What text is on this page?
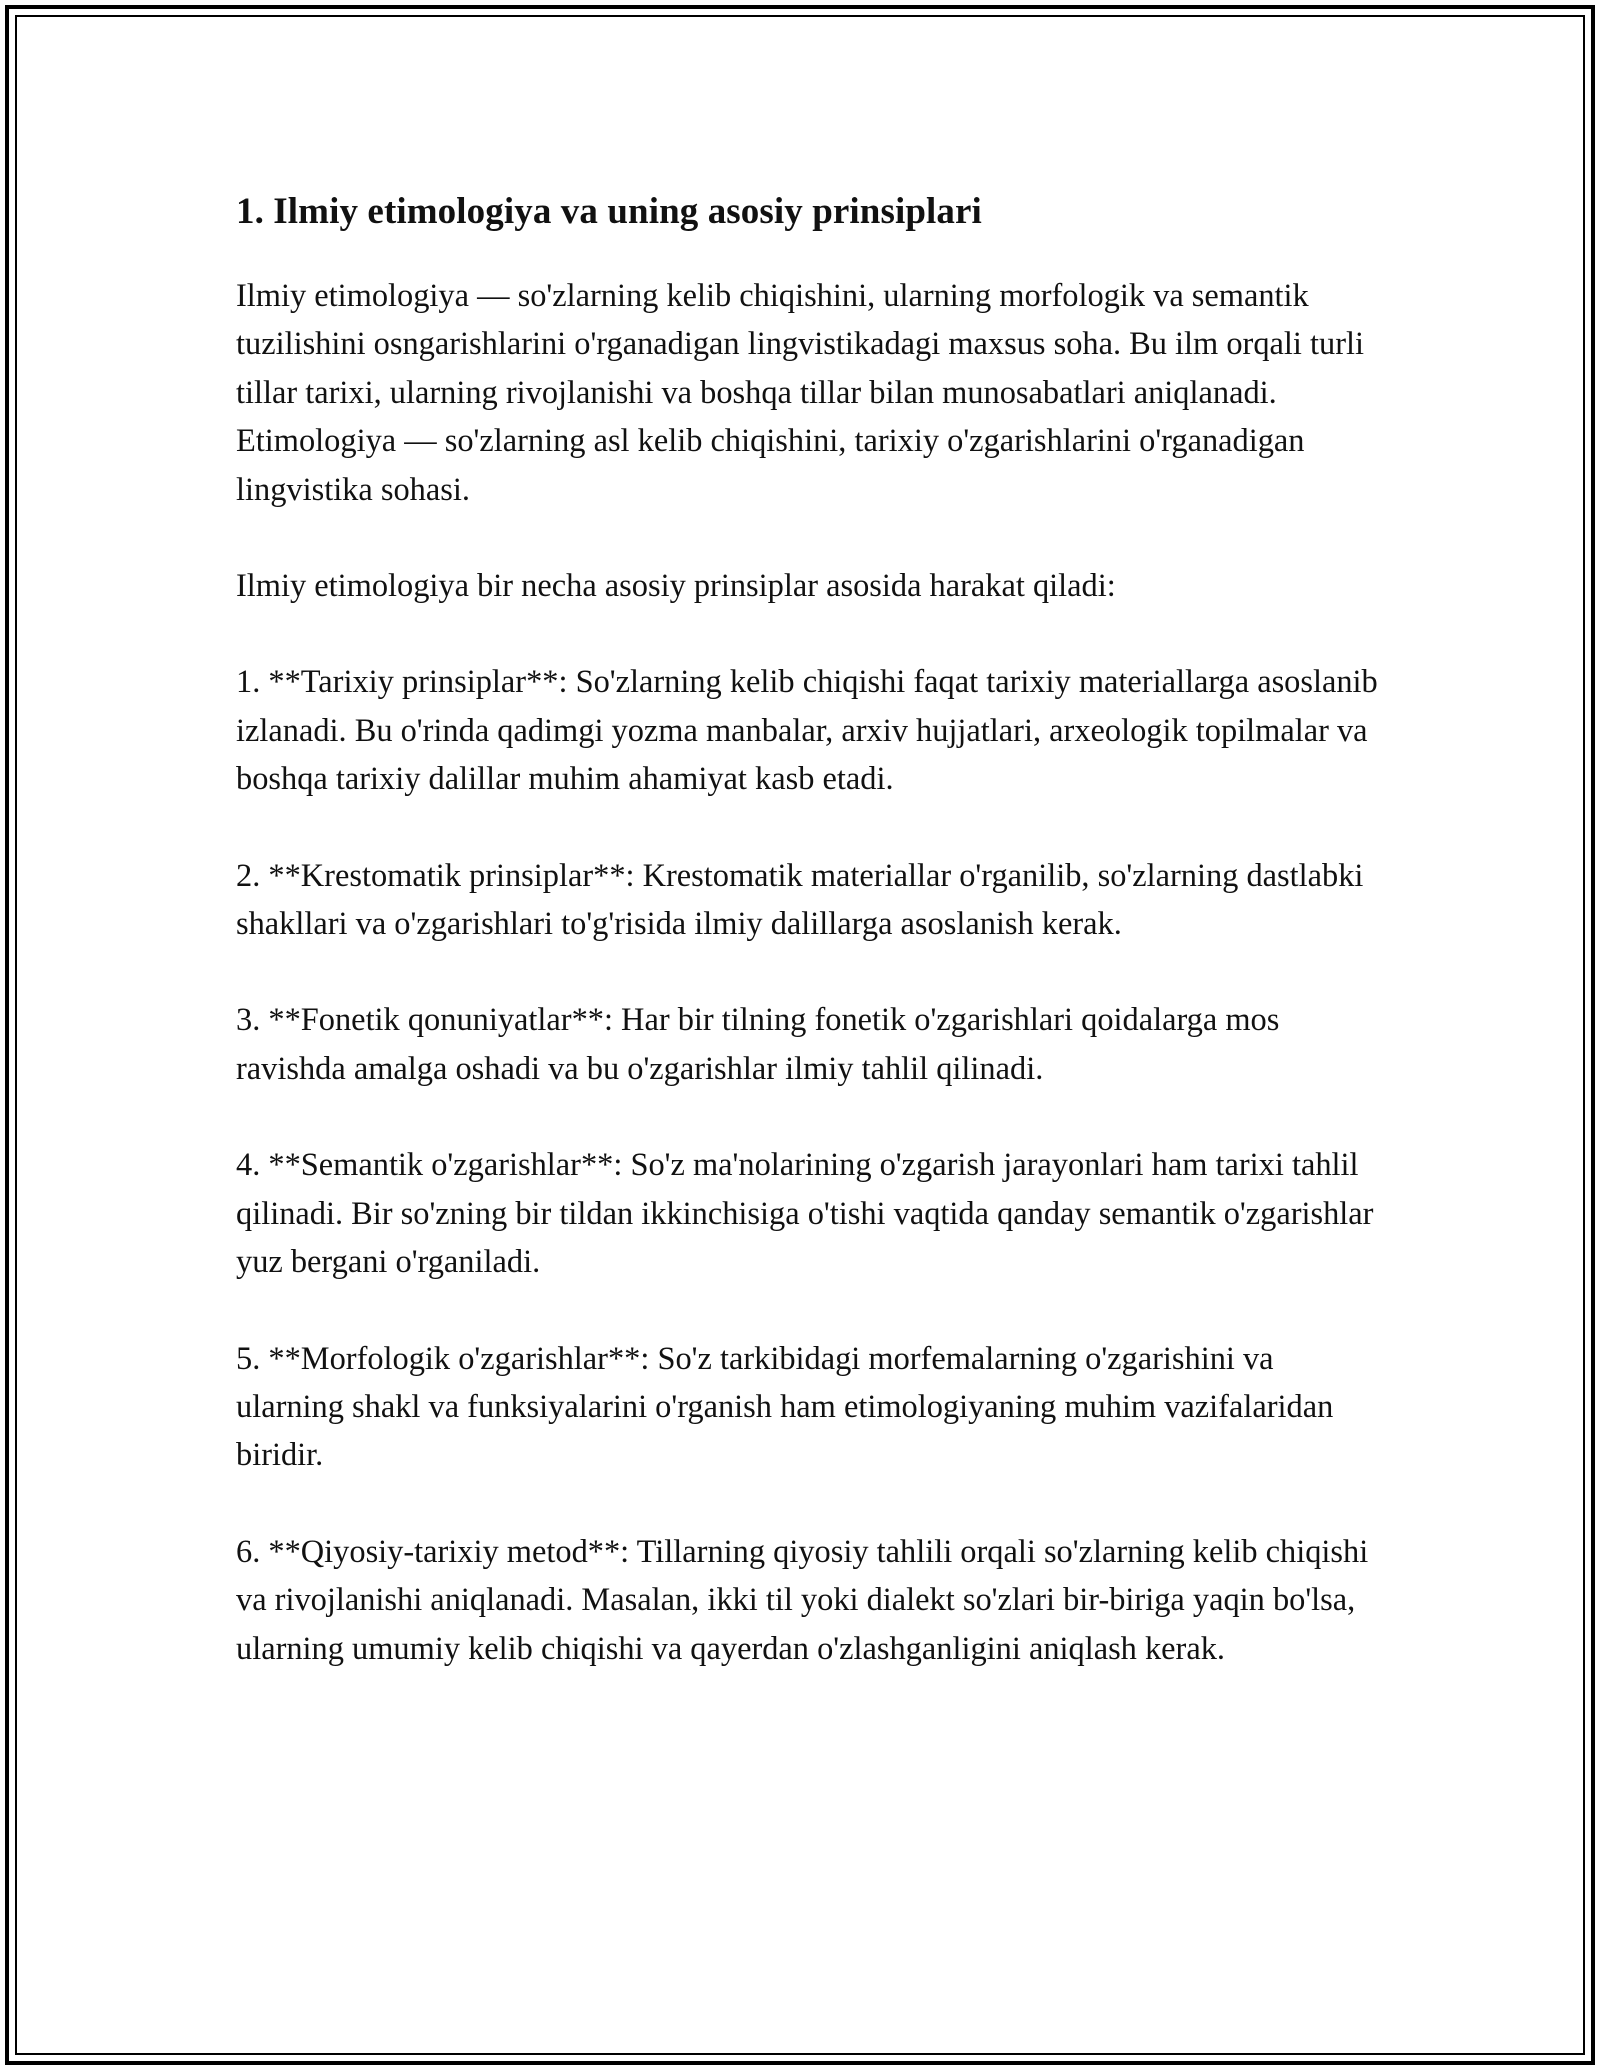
1. Ilmiy etimologiya va uning asosiy prinsiplari

Ilmiy etimologiya — so'zlarning kelib chiqishini, ularning morfologik va semantik tuzilishini osngarishlarini o'rganadigan lingvistikadagi maxsus soha. Bu ilm orqali turli tillar tarixi, ularning rivojlanishi va boshqa tillar bilan munosabatlari aniqlanadi. Etimologiya — so'zlarning asl kelib chiqishini, tarixiy o'zgarishlarini o'rganadigan lingvistika sohasi.

Ilmiy etimologiya bir necha asosiy prinsiplar asosida harakat qiladi:

1. **Tarixiy prinsiplar**: So'zlarning kelib chiqishi faqat tarixiy materiallarga asoslanib izlanadi. Bu o'rinda qadimgi yozma manbalar, arxiv hujjatlari, arxeologik topilmalar va boshqa tarixiy dalillar muhim ahamiyat kasb etadi.

2. **Krestomatik prinsiplar**: Krestomatik materiallar o'rganilib, so'zlarning dastlabki shakllari va o'zgarishlari to'g'risida ilmiy dalillarga asoslanish kerak.

3. **Fonetik qonuniyatlar**: Har bir tilning fonetik o'zgarishlari qoidalarga mos ravishda amalga oshadi va bu o'zgarishlar ilmiy tahlil qilinadi.

4. **Semantik o'zgarishlar**: So'z ma'nolarining o'zgarish jarayonlari ham tarixi tahlil qilinadi. Bir so'zning bir tildan ikkinchisiga o'tishi vaqtida qanday semantik o'zgarishlar yuz bergani o'rganiladi.

5. **Morfologik o'zgarishlar**: So'z tarkibidagi morfemalarning o'zgarishini va ularning shakl va funksiyalarini o'rganish ham etimologiyaning muhim vazifalaridan biridir.

6. **Qiyosiy-tarixiy metod**: Tillarning qiyosiy tahlili orqali so'zlarning kelib chiqishi va rivojlanishi aniqlanadi. Masalan, ikki til yoki dialekt so'zlari bir-biriga yaqin bo'lsa, ularning umumiy kelib chiqishi va qayerdan o'zlashganligini aniqlash kerak.
